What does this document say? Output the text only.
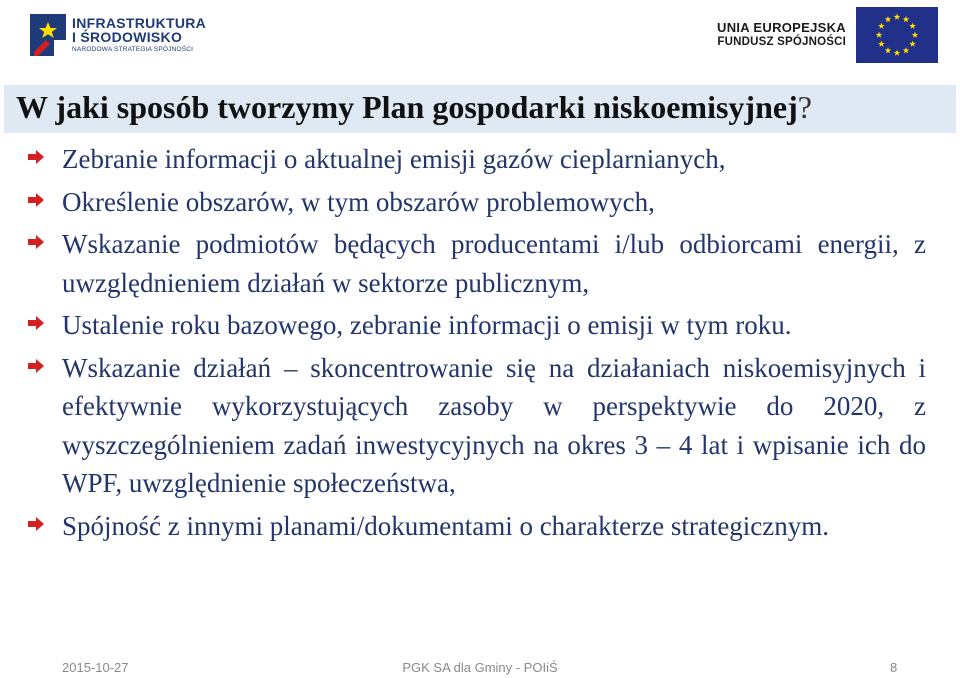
INFRASTRUKTURA
I ŚRODOWISKO
NARODOWA STRATEGIA SPÓJNOŚCI
UNIA EUROPEJSKA
FUNDUSZ SPÓJNOŚCI
W jaki sposób tworzymy Plan gospodarki niskoemisyjnej?
Zebranie informacji o aktualnej emisji gazów cieplarnianych,
Określenie obszarów, w tym obszarów problemowych,
Wskazanie podmiotów będących producentami i/lub odbiorcami energii, z uwzględnieniem działań w sektorze publicznym,
Ustalenie roku bazowego, zebranie informacji o emisji w tym roku.
Wskazanie działań – skoncentrowanie się na działaniach niskoemisyjnych i efektywnie wykorzystujących zasoby w perspektywie do 2020, z wyszczególnieniem zadań inwestycyjnych na okres 3 – 4 lat i wpisanie ich do WPF, uwzględnienie społeczeństwa,
Spójność z innymi planami/dokumentami o charakterze strategicznym.
2015-10-27	PGK SA dla Gminy - POIiŚ	8
